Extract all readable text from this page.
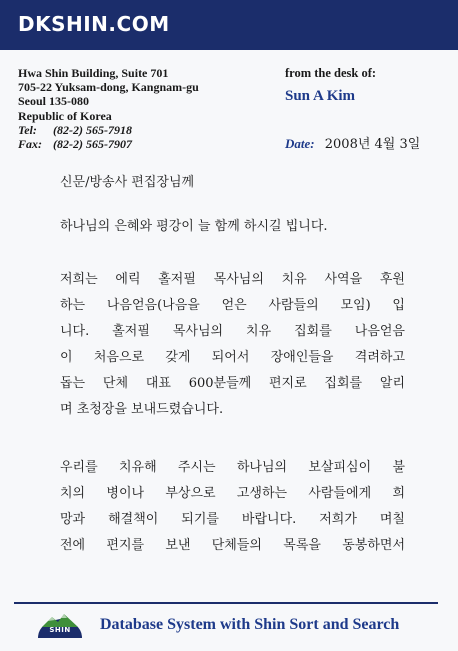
DKSHIN.COM
Hwa Shin Building, Suite 701
705-22 Yuksam-dong, Kangnam-gu
Seoul 135-080
Republic of Korea
Tel: (82-2) 565-7918
Fax: (82-2) 565-7907
from the desk of:
Sun A Kim
Date: 2008년 4월 3일
신문/방송사 편집장님께
하나님의 은혜와 평강이 늘 함께 하시길 빕니다.
저희는 에릭 홀저필 목사님의 치유 사역을 후원
하는 나음얻음(나음을 얻은 사람들의 모임) 입
니다. 홀저필 목사님의 치유 집회를 나음얻음
이 처음으로 갖게 되어서 장애인들을 격려하고
돕는 단체 대표 600분들께 편지로 집회를 알리
며 초청장을 보내드렸습니다.
우리를 치유해 주시는 하나님의 보살피심이 불
치의 병이나 부상으로 고생하는 사람들에게 희
망과 해결책이 되기를 바랍니다. 저희가 며칠
전에 편지를 보낸 단체들의 목록을 동봉하면서
SHIN	Database System with Shin Sort and Search
